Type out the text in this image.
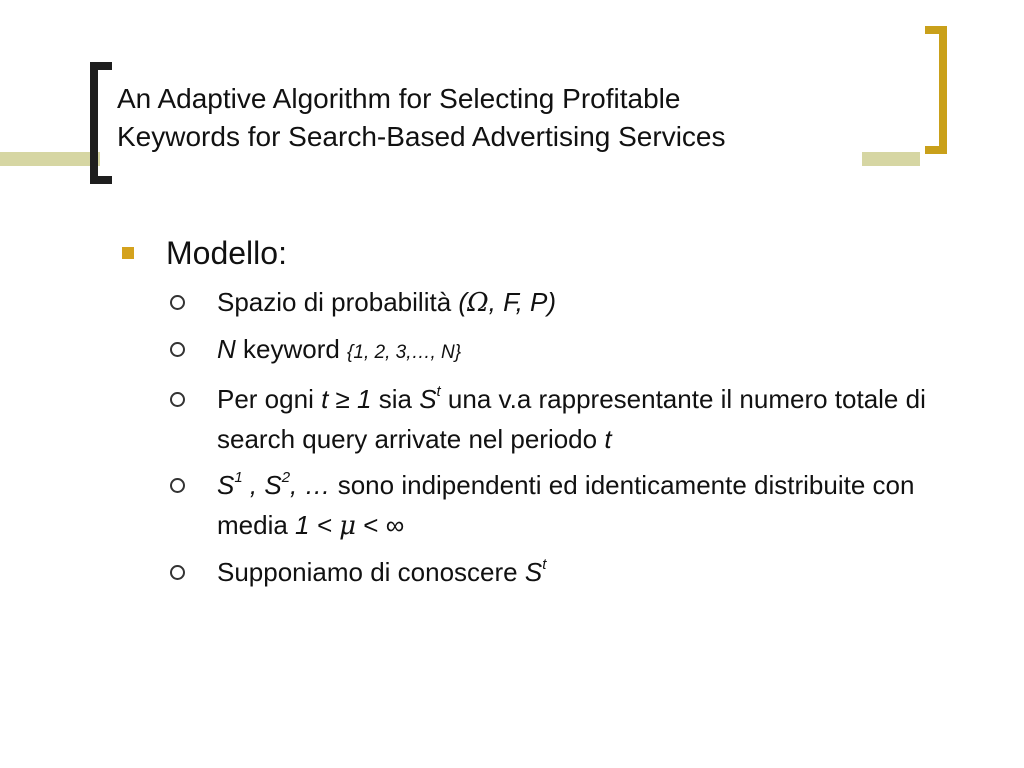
An Adaptive Algorithm for Selecting Profitable
Keywords for Search-Based Advertising Services
Modello:
Spazio di probabilità (Ω, F, P)
N keyword {1, 2, 3,…, N}
Per ogni t ≥ 1 sia $S^t$ una v.a rappresentante il numero totale di search query arrivate nel periodo t
$S^1$ , $S^2$, … sono indipendenti ed identicamente distribuite con media 1 < μ < ∞
Supponiamo di conoscere $S^t$
